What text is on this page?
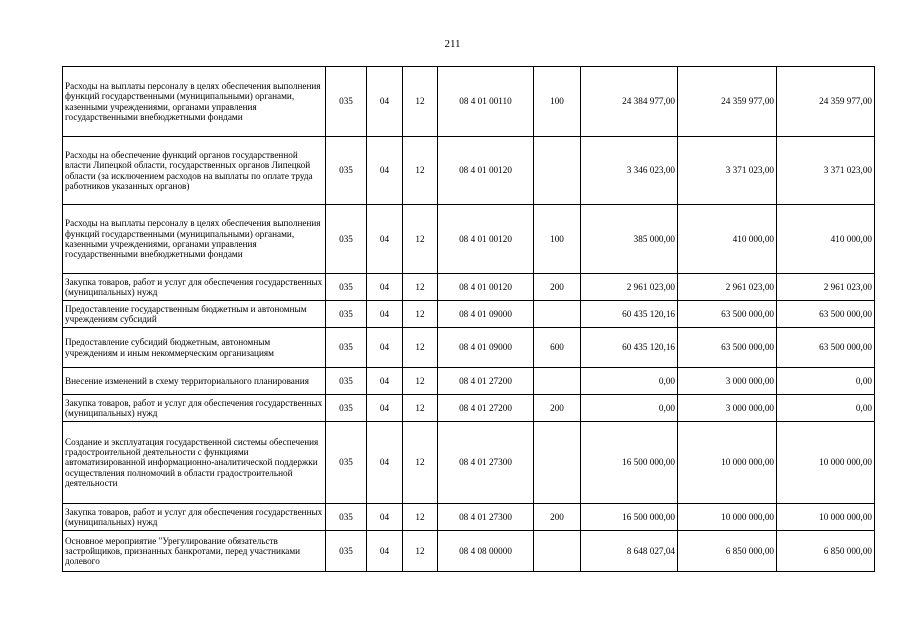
211
Расходы на выплаты персоналу в целях обеспечения выполнения функций государственными (муниципальными) органами, казенными учреждениями, органами управления государственными внебюджетными фондами	035	04	12	08 4 01 00110	100	24 384 977,00	24 359 977,00	24 359 977,00
Расходы на обеспечение функций органов государственной власти Липецкой области, государственных органов Липецкой области (за исключением расходов на выплаты по оплате труда работников указанных органов)	035	04	12	08 4 01 00120		3 346 023,00	3 371 023,00	3 371 023,00
Расходы на выплаты персоналу в целях обеспечения выполнения функций государственными (муниципальными) органами, казенными учреждениями, органами управления государственными внебюджетными фондами	035	04	12	08 4 01 00120	100	385 000,00	410 000,00	410 000,00
Закупка товаров, работ и услуг для обеспечения государственных (муниципальных) нужд	035	04	12	08 4 01 00120	200	2 961 023,00	2 961 023,00	2 961 023,00
Предоставление государственным бюджетным и автономным учреждениям субсидий	035	04	12	08 4 01 09000		60 435 120,16	63 500 000,00	63 500 000,00
Предоставление субсидий бюджетным, автономным учреждениям и иным некоммерческим организациям	035	04	12	08 4 01 09000	600	60 435 120,16	63 500 000,00	63 500 000,00
Внесение изменений в схему территориального планирования	035	04	12	08 4 01 27200		0,00	3 000 000,00	0,00
Закупка товаров, работ и услуг для обеспечения государственных (муниципальных) нужд	035	04	12	08 4 01 27200	200	0,00	3 000 000,00	0,00
Создание и эксплуатация государственной системы обеспечения градостроительной деятельности с функциями автоматизированной информационно-аналитической поддержки осуществления полномочий в области градостроительной деятельности	035	04	12	08 4 01 27300		16 500 000,00	10 000 000,00	10 000 000,00
Закупка товаров, работ и услуг для обеспечения государственных (муниципальных) нужд	035	04	12	08 4 01 27300	200	16 500 000,00	10 000 000,00	10 000 000,00
Основное мероприятие "Урегулирование обязательств застройщиков, признанных банкротами, перед участниками долевого	035	04	12	08 4 08 00000		8 648 027,04	6 850 000,00	6 850 000,00
